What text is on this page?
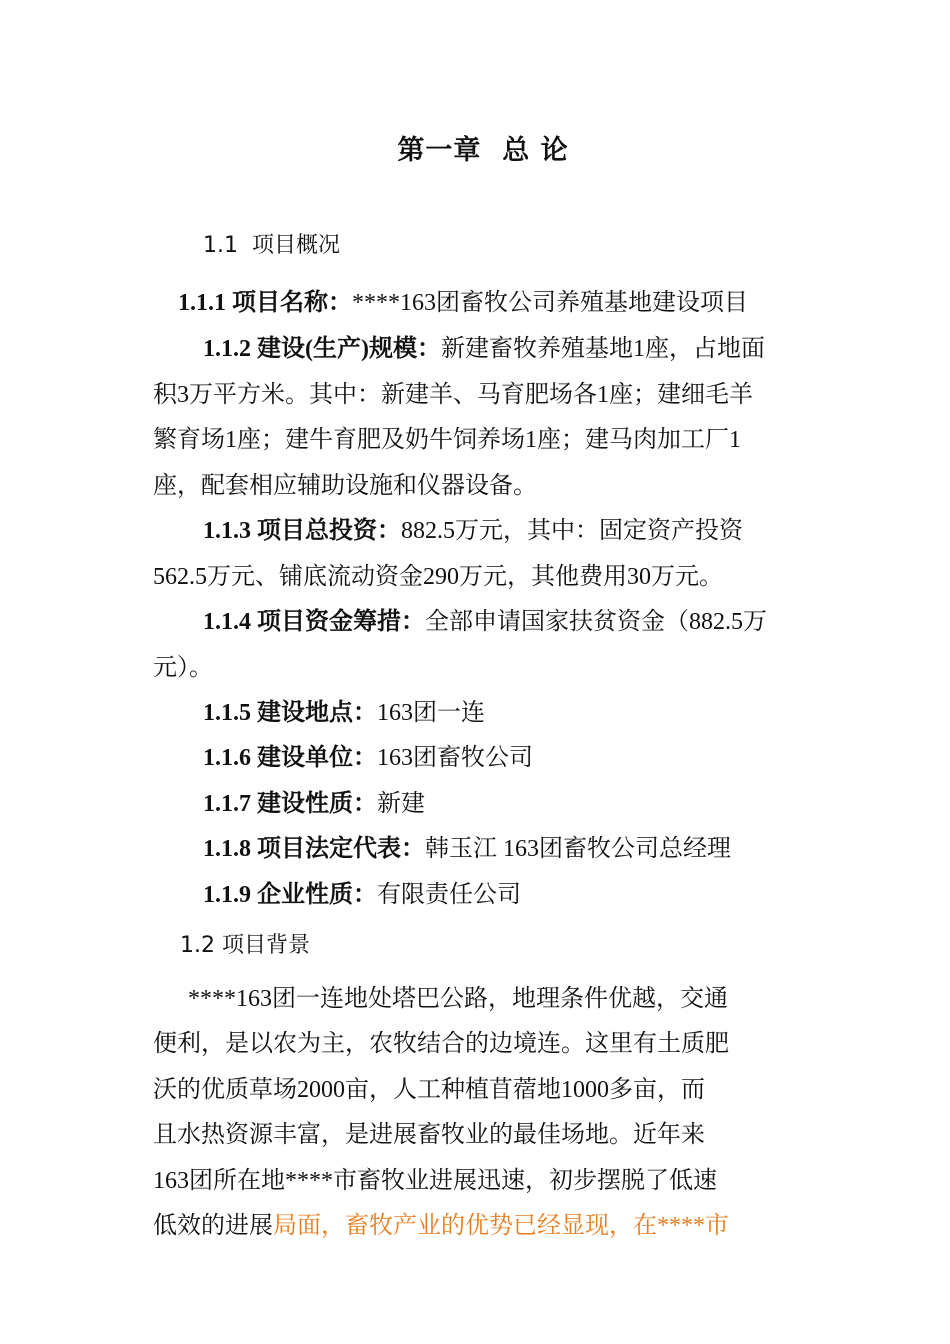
第一章  总 论
1.1  项目概况
1.1.1 项目名称：****163团畜牧公司养殖基地建设项目
1.1.2 建设(生产)规模：新建畜牧养殖基地1座，占地面
积3万平方米。其中：新建羊、马育肥场各1座；建细毛羊
繁育场1座；建牛育肥及奶牛饲养场1座；建马肉加工厂1
座，配套相应辅助设施和仪器设备。
1.1.3 项目总投资：882.5万元，其中：固定资产投资
562.5万元、铺底流动资金290万元，其他费用30万元。
1.1.4 项目资金筹措：全部申请国家扶贫资金（882.5万
元）。
1.1.5 建设地点：163团一连
1.1.6 建设单位：163团畜牧公司
1.1.7 建设性质：新建
1.1.8 项目法定代表：韩玉江 163团畜牧公司总经理
1.1.9 企业性质：有限责任公司
1.2 项目背景
****163团一连地处塔巴公路，地理条件优越，交通
便利，是以农为主，农牧结合的边境连。这里有土质肥
沃的优质草场2000亩，人工种植苜蓿地1000多亩，而
且水热资源丰富，是进展畜牧业的最佳场地。近年来
163团所在地****市畜牧业进展迅速，初步摆脱了低速
低效的进展局面，畜牧产业的优势已经显现，在****市
